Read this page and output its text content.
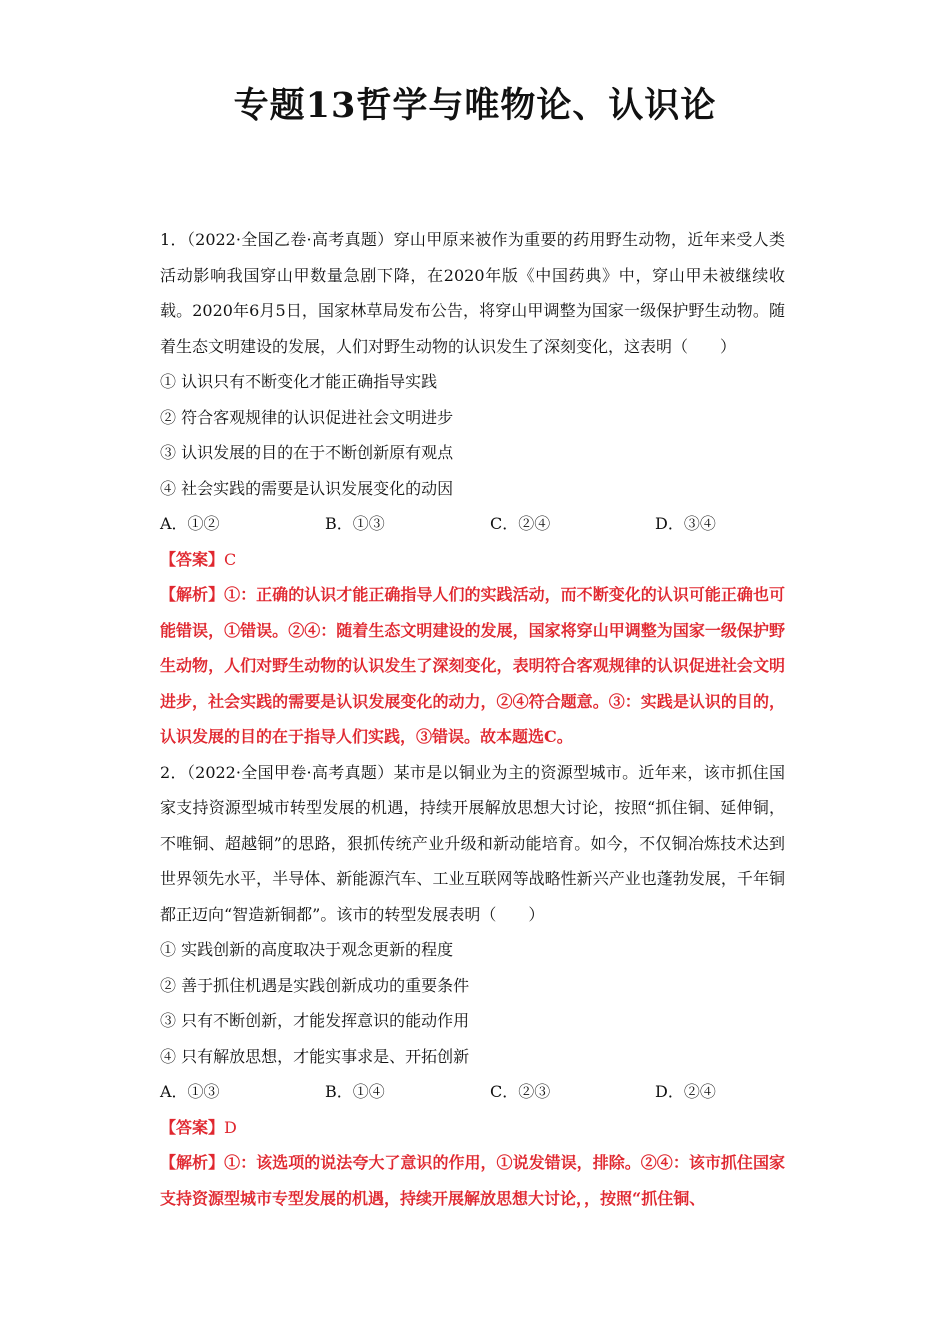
专题13哲学与唯物论、认识论

1．（2022·全国乙卷·高考真题）穿山甲原来被作为重要的药用野生动物，近年来受人类活动影响我国穿山甲数量急剧下降，在2020年版《中国药典》中，穿山甲未被继续收载。2020年6月5日，国家林草局发布公告，将穿山甲调整为国家一级保护野生动物。随着生态文明建设的发展，人们对野生动物的认识发生了深刻变化，这表明（　　）

① 认识只有不断变化才能正确指导实践

② 符合客观规律的认识促进社会文明进步

③ 认识发展的目的在于不断创新原有观点

④ 社会实践的需要是认识发展变化的动因

A．①②	B．①③	C．②④	D．③④

【答案】C

【解析】①：正确的认识才能正确指导人们的实践活动，而不断变化的认识可能正确也可能错误，①错误。②④：随着生态文明建设的发展，国家将穿山甲调整为国家一级保护野生动物，人们对野生动物的认识发生了深刻变化，表明符合客观规律的认识促进社会文明进步，社会实践的需要是认识发展变化的动力，②④符合题意。③：实践是认识的目的，认识发展的目的在于指导人们实践，③错误。故本题选C。

2．（2022·全国甲卷·高考真题）某市是以铜业为主的资源型城市。近年来，该市抓住国家支持资源型城市转型发展的机遇，持续开展解放思想大讨论，按照“抓住铜、延伸铜，不唯铜、超越铜”的思路，狠抓传统产业升级和新动能培育。如今，不仅铜冶炼技术达到世界领先水平，半导体、新能源汽车、工业互联网等战略性新兴产业也蓬勃发展，千年铜都正迈向“智造新铜都”。该市的转型发展表明（　　）

① 实践创新的高度取决于观念更新的程度

② 善于抓住机遇是实践创新成功的重要条件

③ 只有不断创新，才能发挥意识的能动作用

④ 只有解放思想，才能实事求是、开拓创新

A．①③	B．①④	C．②③	D．②④

【答案】D

【解析】①：该选项的说法夸大了意识的作用，①说发错误，排除。②④：该市抓住国家支持资源型城市专型发展的机遇，持续开展解放思想大讨论，，按照“抓住铜、
